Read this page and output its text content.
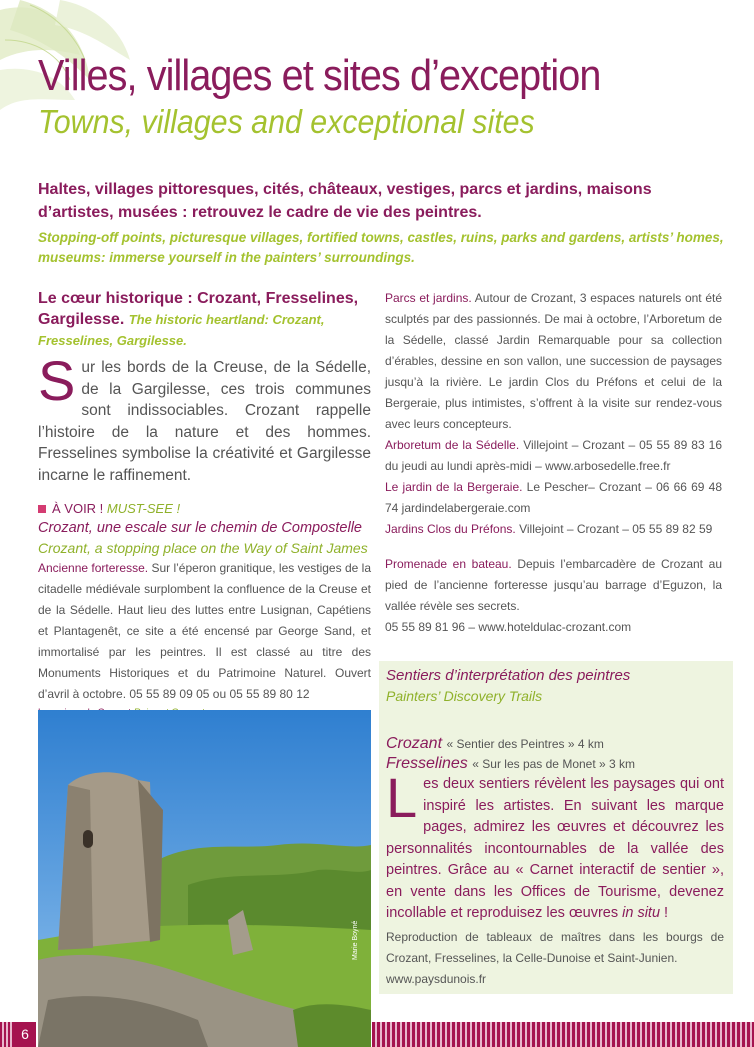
Villes, villages et sites d’exception
Towns, villages and exceptional sites
Haltes, villages pittoresques, cités, châteaux, vestiges, parcs et jardins, maisons d’artistes, musées : retrouvez le cadre de vie des peintres.
Stopping-off points, picturesque villages, fortified towns, castles, ruins, parks and gardens, artists’ homes, museums: immerse yourself in the painters’ surroundings.
Le cœur historique : Crozant, Fresselines, Gargilesse. The historic heartland: Crozant, Fresselines, Gargilesse.
Sur les bords de la Creuse, de la Sédelle, de la Gargilesse, ces trois communes sont indissociables. Crozant rappelle l’histoire de la nature et des hommes. Fresselines symbolise la créativité et Gargilesse incarne le raffinement.
À VOIR ! MUST-SEE !
Crozant, une escale sur le chemin de Compostelle
Crozant, a stopping place on the Way of Saint James

Ancienne forteresse. Sur l’éperon granitique, les vestiges de la citadelle médiévale surplombent la confluence de la Creuse et de la Sédelle. Haut lieu des luttes entre Lusignan, Capétiens et Plantagenêt, ce site a été encensé par George Sand, et immortalisé par les peintres. Il est classé au titre des Monuments Historiques et du Patrimoine Naturel. Ouvert d’avril à octobre. 05 55 89 09 05 ou 05 55 89 80 12

Marie Boyné

Parcs et jardins. Autour de Crozant, 3 espaces naturels ont été sculptés par des passionnés. De mai à octobre, l’Arboretum de la Sédelle, classé Jardin Remarquable pour sa collection d’érables, dessine en son vallon, une succession de paysages jusqu’à la rivière. Le jardin Clos du Préfons et celui de la Bergeraie, plus intimistes, s’offrent à la visite sur rendez-vous avec leurs concepteurs.

Arboretum de la Sédelle. Villejoint – Crozant – 05 55 89 83 16 du jeudi au lundi après-midi – www.arbosedelle.free.fr

Le jardin de la Bergeraie. Le Pescher– Crozant – 06 66 69 48 74 jardindelabergeraie.com

Jardins Clos du Préfons. Villejoint – Crozant – 05 55 89 82 59

Promenade en bateau. Depuis l’embarcadère de Crozant au pied de l’ancienne forteresse jusqu’au barrage d’Eguzon, la vallée révèle ses secrets.

05 55 89 81 96 – www.hoteldulac-crozant.com

Sentiers d’interprétation des peintres
Painters’ Discovery Trails
Crozant « Sentier des Peintres » 4 km
Fresselines « Sur les pas de Monet » 3 km
Les deux sentiers révèlent les paysages qui ont inspiré les artistes. En suivant les marque pages, admirez les œuvres et découvrez les personnalités incontournables de la vallée des peintres. Grâce au « Carnet interactif de sentier », en vente dans les Offices de Tourisme, devenez incollable et reproduisez les œuvres in situ !

Reproduction de tableaux de maîtres dans les bourgs de Crozant, Fresselines, la Celle-Dunoise et Saint-Junien.

www.paysdunois.fr

6
